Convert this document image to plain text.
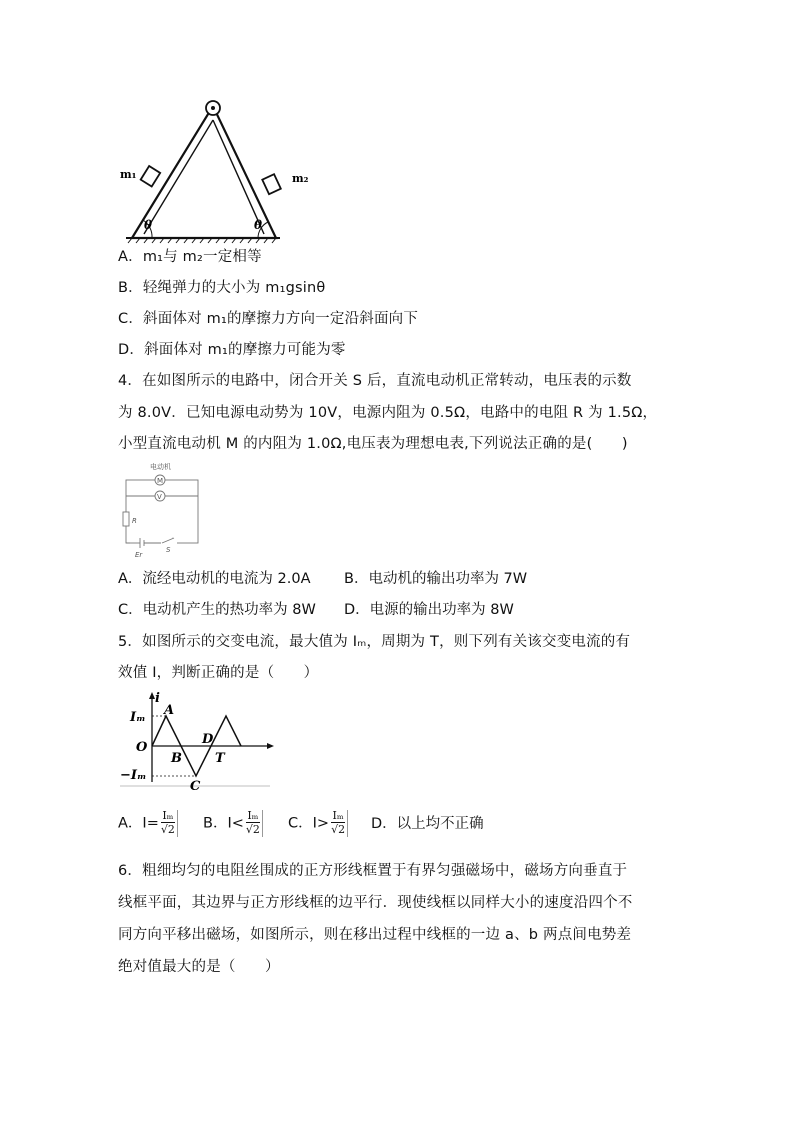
m₁	m₂
θ	θ
A．m₁与 m₂一定相等
B．轻绳弹力的大小为 m₁gsinθ
C．斜面体对 m₁的摩擦力方向一定沿斜面向下
D．斜面体对 m₁的摩擦力可能为零
4．在如图所示的电路中，闭合开关 S 后，直流电动机正常转动，电压表的示数
为 8.0V．已知电源电动势为 10V，电源内阻为 0.5Ω，电路中的电阻 R 为 1.5Ω，
小型直流电动机 M 的内阻为 1.0Ω,电压表为理想电表,下列说法正确的是(　　)
电动机
M
V
R
Er
S
A．流经电动机的电流为 2.0A B．电动机的输出功率为 7W
C．电动机产生的热功率为 8W D．电源的输出功率为 8W
5．如图所示的交变电流，最大值为 Iₘ，周期为 T，则下列有关该交变电流的有
效值 I，判断正确的是（　　）
i
Iₘ
−Iₘ
O
A
B
C
D
T
A．$I= \frac{\text{Iₘ}}{√2}$ B．$I< \frac{\text{Iₘ}}{√2}$ C．$I> \frac{\text{Iₘ}}{√2}$ D．以上均不正确
6．粗细均匀的电阻丝围成的正方形线框置于有界匀强磁场中，磁场方向垂直于
线框平面，其边界与正方形线框的边平行．现使线框以同样大小的速度沿四个不
同方向平移出磁场，如图所示，则在移出过程中线框的一边 a、b 两点间电势差
绝对值最大的是（　　）
